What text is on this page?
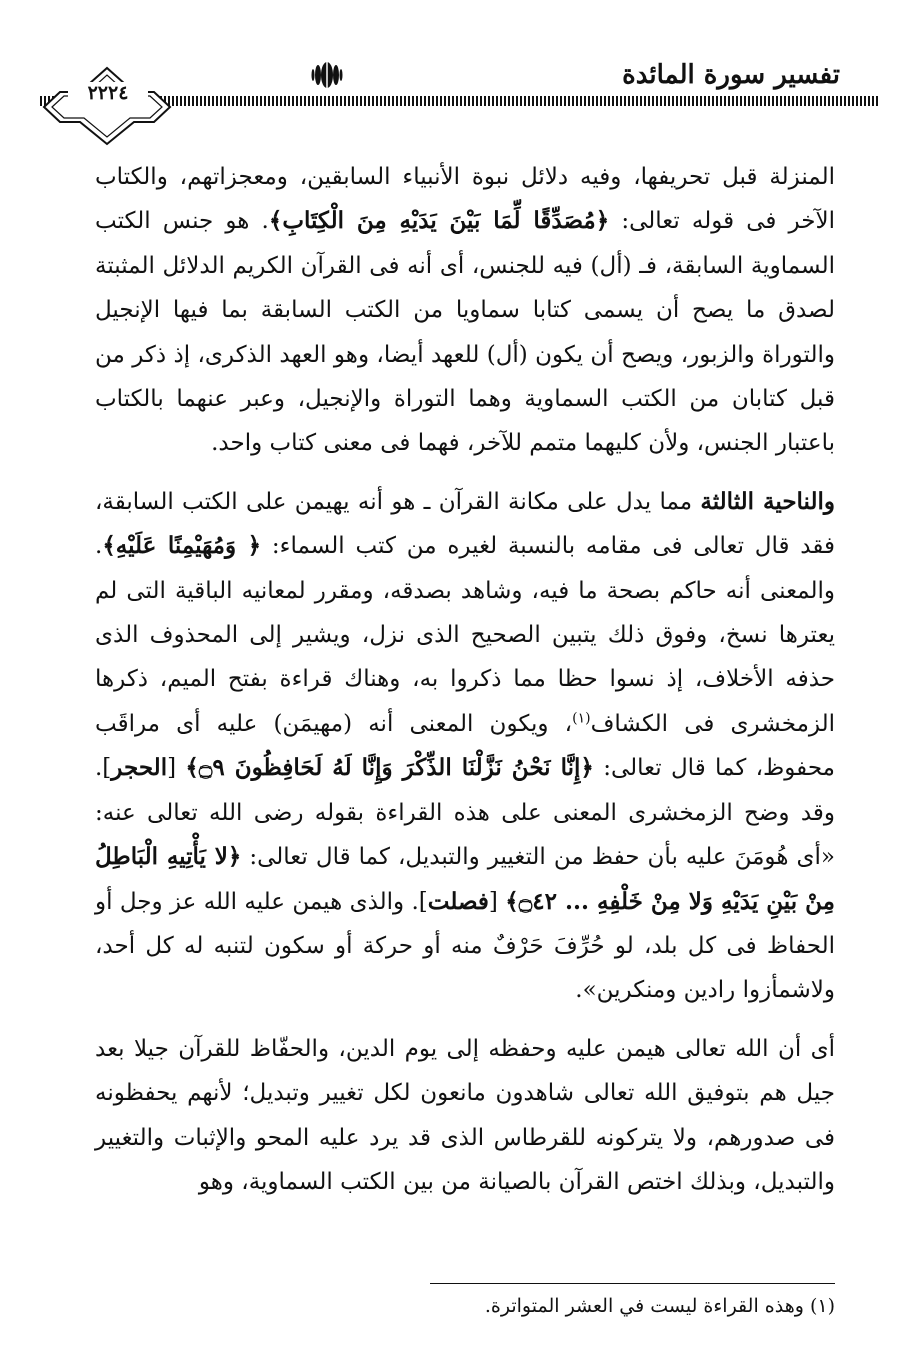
تفسير سورة المائدة
٢٢٢٤

المنزلة قبل تحريفها، وفيه دلائل نبوة الأنبياء السابقين، ومعجزاتهم، والكتاب الآخر فى قوله تعالى: ﴿مُصَدِّقًا لِّمَا بَيْنَ يَدَيْهِ مِنَ الْكِتَابِ﴾. هو جنس الكتب السماوية السابقة، فـ (أل) فيه للجنس، أى أنه فى القرآن الكريم الدلائل المثبتة لصدق ما يصح أن يسمى كتابا سماويا من الكتب السابقة بما فيها الإنجيل والتوراة والزبور، ويصح أن يكون (أل) للعهد أيضا، وهو العهد الذكرى، إذ ذكر من قبل كتابان من الكتب السماوية وهما التوراة والإنجيل، وعبر عنهما بالكتاب باعتبار الجنس، ولأن كليهما متمم للآخر، فهما فى معنى كتاب واحد.

والناحية الثالثة مما يدل على مكانة القرآن ـ هو أنه يهيمن على الكتب السابقة، فقد قال تعالى فى مقامه بالنسبة لغيره من كتب السماء: ﴿ وَمُهَيْمِنًا عَلَيْهِ﴾. والمعنى أنه حاكم بصحة ما فيه، وشاهد بصدقه، ومقرر لمعانيه الباقية التى لم يعترها نسخ، وفوق ذلك يتبين الصحيح الذى نزل، ويشير إلى المحذوف الذى حذفه الأخلاف، إذ نسوا حظا مما ذكروا به، وهناك قراءة بفتح الميم، ذكرها الزمخشرى فى الكشاف$^{(١)}$، ويكون المعنى أنه (مهيمَن) عليه أى مراقَب محفوظ، كما قال تعالى: ﴿إِنَّا نَحْنُ نَزَّلْنَا الذِّكْرَ وَإِنَّا لَهُ لَحَافِظُونَ ۝٩﴾ [الحجر]. وقد وضح الزمخشرى المعنى على هذه القراءة بقوله رضى الله تعالى عنه: «أى هُومَنَ عليه بأن حفظ من التغيير والتبديل، كما قال تعالى: ﴿لا يَأْتِيهِ الْبَاطِلُ مِنْ بَيْنِ يَدَيْهِ وَلا مِنْ خَلْفِهِ ... ۝٤٢﴾ [فصلت]. والذى هيمن عليه الله عز وجل أو الحفاظ فى كل بلد، لو حُرِّفَ حَرْفٌ منه أو حركة أو سكون لتنبه له كل أحد، ولاشمأزوا رادين ومنكرين».

أى أن الله تعالى هيمن عليه وحفظه إلى يوم الدين، والحفّاظ للقرآن جيلا بعد جيل هم بتوفيق الله تعالى شاهدون مانعون لكل تغيير وتبديل؛ لأنهم يحفظونه فى صدورهم، ولا يتركونه للقرطاس الذى قد يرد عليه المحو والإثبات والتغيير والتبديل، وبذلك اختص القرآن بالصيانة من بين الكتب السماوية، وهو

(١) وهذه القراءة ليست في العشر المتواترة.
